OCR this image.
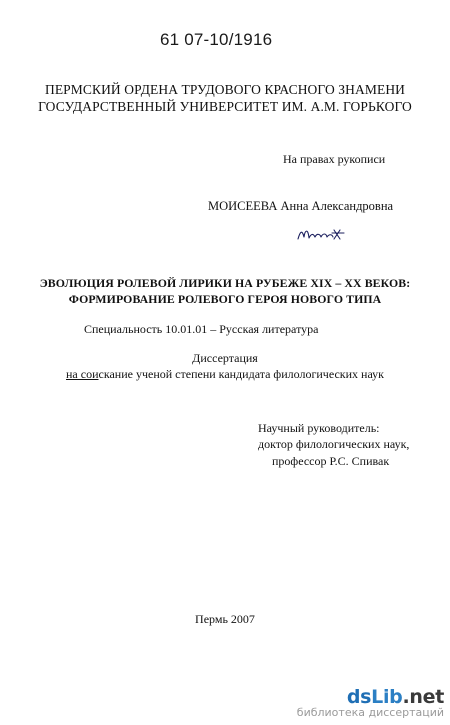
61 07-10/1916
ПЕРМСКИЙ ОРДЕНА ТРУДОВОГО КРАСНОГО ЗНАМЕНИ
ГОСУДАРСТВЕННЫЙ УНИВЕРСИТЕТ ИМ. А.М. ГОРЬКОГО
На правах рукописи
МОИСЕЕВА Анна Александровна
ЭВОЛЮЦИЯ РОЛЕВОЙ ЛИРИКИ НА РУБЕЖЕ XIX – XX ВЕКОВ:
ФОРМИРОВАНИЕ РОЛЕВОГО ГЕРОЯ НОВОГО ТИПА
Специальность 10.01.01 – Русская литература
Диссертация
на соискание ученой степени кандидата филологических наук
Научный руководитель:
доктор филологических наук,
профессор Р.С. Спивак
Пермь 2007
dsLib.net
библиотека диссертаций
